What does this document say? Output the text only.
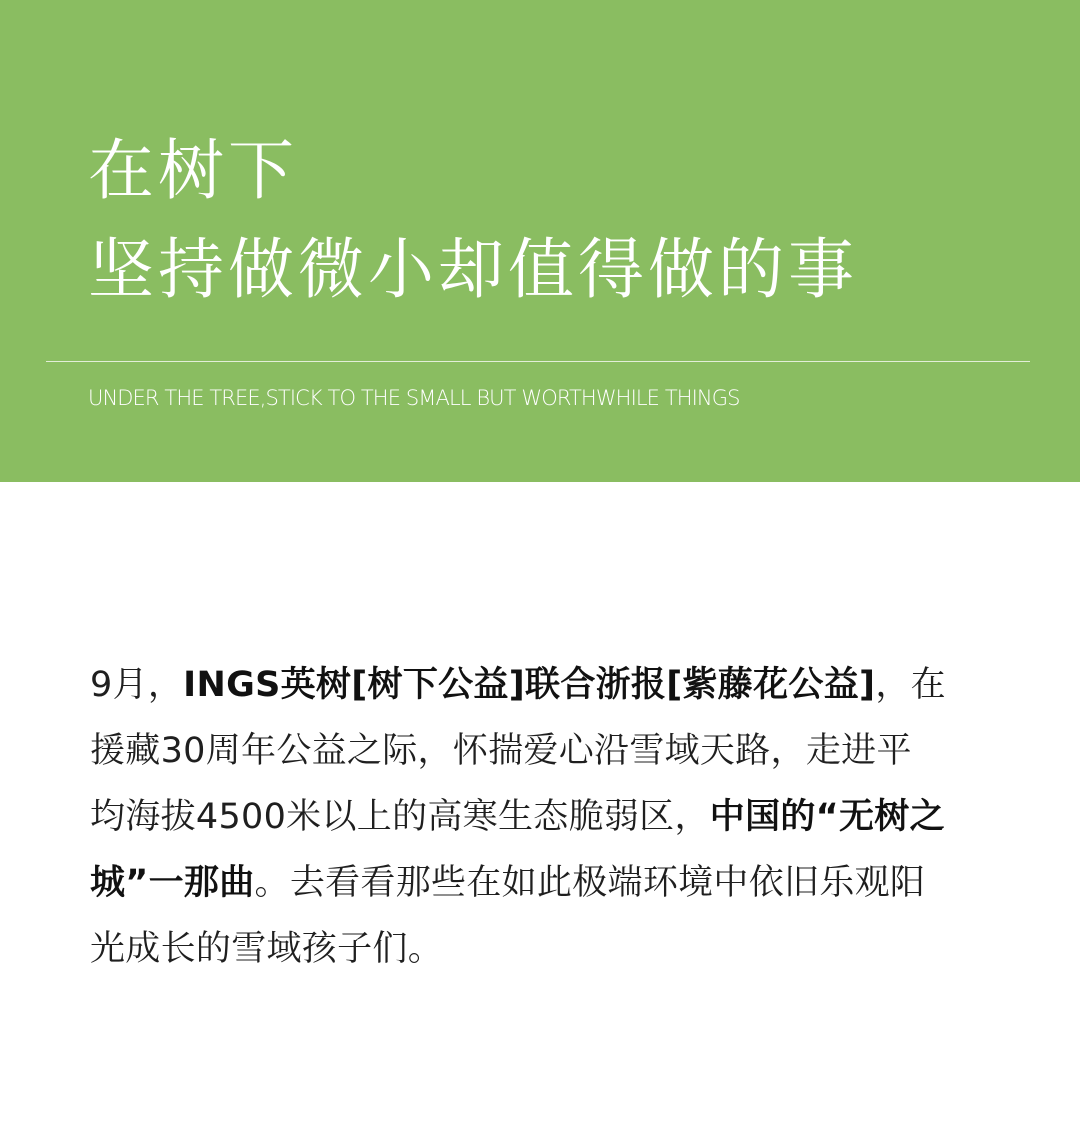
在树下
坚持做微小却值得做的事
UNDER THE TREE,STICK TO THE SMALL BUT WORTHWHILE THINGS
9月，INGS英树[树下公益]联合浙报[紫藤花公益]，在
援藏30周年公益之际，怀揣爱心沿雪域天路，走进平
均海拔4500米以上的高寒生态脆弱区，中国的“无树之
城”一那曲。去看看那些在如此极端环境中依旧乐观阳
光成长的雪域孩子们。
